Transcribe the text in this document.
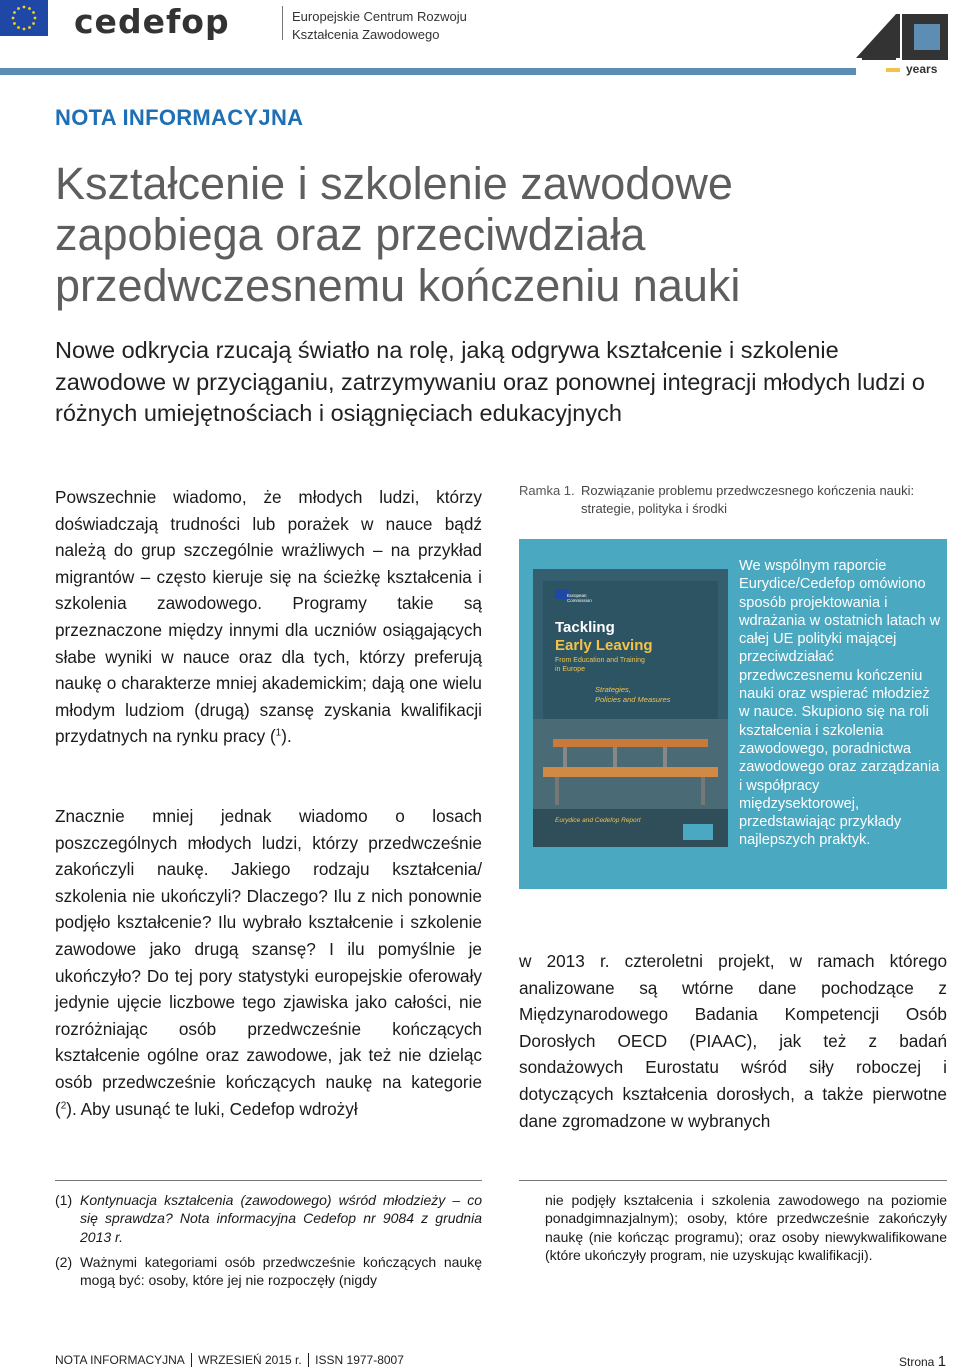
cedefop	Europejskie Centrum Rozwoju
Kształcenia Zawodowego
years
NOTA INFORMACYJNA
Kształcenie i szkolenie zawodowe zapobiega oraz przeciwdziała przedwczesnemu kończeniu nauki

Nowe odkrycia rzucają światło na rolę, jaką odgrywa kształcenie i szkolenie zawodowe w przyciąganiu, zatrzymywaniu oraz ponownej integracji młodych ludzi o różnych umiejętnościach i osiągnięciach edukacyjnych

Powszechnie wiadomo, że młodych ludzi, którzy doświadczają trudności lub porażek w nauce bądź należą do grup szczególnie wrażliwych – na przykład migrantów – często kieruje się na ścieżkę kształcenia i szkolenia zawodowego. Programy takie są przeznaczone między innymi dla uczniów osiągających słabe wyniki w nauce oraz dla tych, którzy preferują naukę o charakterze mniej akademickim; dają one wielu młodym ludziom (drugą) szansę zyskania kwalifikacji przydatnych na rynku pracy ($^1$).

Znacznie mniej jednak wiadomo o losach poszczególnych młodych ludzi, którzy przedwcześnie zakończyli naukę. Jakiego rodzaju kształcenia/ szkolenia nie ukończyli? Dlaczego? Ilu z nich ponownie podjęło kształcenie? Ilu wybrało kształcenie i szkolenie zawodowe jako drugą szansę? I ilu pomyślnie je ukończyło? Do tej pory statystyki europejskie oferowały jedynie ujęcie liczbowe tego zjawiska jako całości, nie rozróżniając osób przedwcześnie kończących kształcenie ogólne oraz zawodowe, jak też nie dzieląc osób przedwcześnie kończących naukę na kategorie ($^2$). Aby usunąć te luki, Cedefop wdrożył

Ramka 1. Rozwiązanie problemu przedwczesnego kończenia nauki: strategie, polityka i środki
European
Commission
Tackling
Early Leaving
From Education and Training
in Europe
Strategies,
Policies and Measures
Eurydice and Cedefop Report

We wspólnym raporcie Eurydice/Cedefop omówiono sposób projektowania i wdrażania w ostatnich latach w całej UE polityki mającej przeciwdziałać przedwczesnemu kończeniu nauki oraz wspierać młodzież w nauce. Skupiono się na roli kształcenia i szkolenia zawodowego, poradnictwa zawodowego oraz zarządzania i współpracy międzysektorowej, przedstawiając przykłady najlepszych praktyk.

w 2013 r. czteroletni projekt, w ramach którego analizowane są wtórne dane pochodzące z Międzynarodowego Badania Kompetencji Osób Dorosłych OECD (PIAAC), jak też z badań sondażowych Eurostatu wśród siły roboczej i dotyczących kształcenia dorosłych, a także pierwotne dane zgromadzone w wybranych

(1) Kontynuacja kształcenia (zawodowego) wśród młodzieży – co się sprawdza? Nota informacyjna Cedefop nr 9084 z grudnia 2013 r.

(2) Ważnymi kategoriami osób przedwcześnie kończących naukę mogą być: osoby, które jej nie rozpoczęły (nigdy

nie podjęły kształcenia i szkolenia zawodowego na poziomie ponadgimnazjalnym); osoby, które przedwcześnie zakończyły naukę (nie kończąc programu); oraz osoby niewykwalifikowane (które ukończyły program, nie uzyskując kwalifikacji).

NOTA INFORMACYJNA WRZESIEŃ 2015 r. ISSN 1977-8007	Strona 1
